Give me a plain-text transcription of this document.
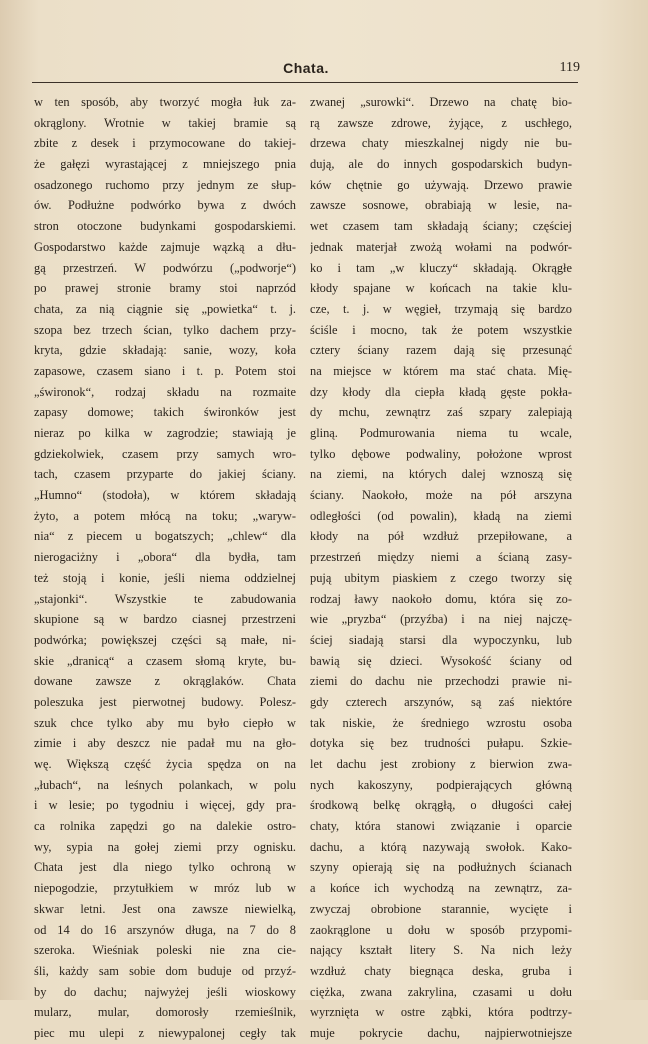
Chata.	119
w ten sposób, aby tworzyć mogła łuk za-
okrąglony. Wrotnie w takiej bramie są
zbite z desek i przymocowane do takiej-
że gałęzi wyrastającej z mniejszego pnia
osadzonego ruchomo przy jednym ze słup-
ów. Podłużne podwórko bywa z dwóch
stron otoczone budynkami gospodarskiemi.
Gospodarstwo każde zajmuje wązką a dłu-
gą przestrzeń. W podwórzu („podworje“)
po prawej stronie bramy stoi naprzód
chata, za nią ciągnie się „powietka“ t. j.
szopa bez trzech ścian, tylko dachem przy-
kryta, gdzie składają: sanie, wozy, koła
zapasowe, czasem siano i t. p. Potem stoi
„świronok“, rodzaj składu na rozmaite
zapasy domowe; takich świronków jest
nieraz po kilka w zagrodzie; stawiają je
gdziekolwiek, czasem przy samych wro-
tach, czasem przyparte do jakiej ściany.
„Humno“ (stodoła), w którem składają
żyto, a potem młócą na toku; „waryw-
nia“ z piecem u bogatszych; „chlew“ dla
nierogaciżny i „obora“ dla bydła, tam
też stoją i konie, jeśli niema oddzielnej
„stajonki“. Wszystkie te zabudowania
skupione są w bardzo ciasnej przestrzeni
podwórka; powiększej części są małe, ni-
skie „dranicą“ a czasem słomą kryte, bu-
dowane zawsze z okrąglaków. Chata
poleszuka jest pierwotnej budowy. Polesz-
szuk chce tylko aby mu było ciepło w
zimie i aby deszcz nie padał mu na gło-
wę. Większą część życia spędza on na
„łubach“, na leśnych polankach, w polu
i w lesie; po tygodniu i więcej, gdy pra-
ca rolnika zapędzi go na dalekie ostro-
wy, sypia na gołej ziemi przy ognisku.
Chata jest dla niego tylko ochroną w
niepogodzie, przytułkiem w mróz lub w
skwar letni. Jest ona zawsze niewielką,
od 14 do 16 arszynów długa, na 7 do 8
szeroka. Wieśniak poleski nie zna cie-
śli, każdy sam sobie dom buduje od przyź-
by do dachu; najwyżej jeśli wioskowy
mularz, mular, domorosły rzemieślnik,
piec mu ulepi z niewypalonej cegły tak
zwanej „surowki“. Drzewo na chatę bio-
rą zawsze zdrowe, żyjące, z uschłego,
drzewa chaty mieszkalnej nigdy nie bu-
dują, ale do innych gospodarskich budyn-
ków chętnie go używają. Drzewo prawie
zawsze sosnowe, obrabiają w lesie, na-
wet czasem tam składają ściany; częściej
jednak materjał zwożą wołami na podwór-
ko i tam „w kluczy“ składają. Okrągłe
kłody spajane w końcach na takie klu-
cze, t. j. w węgieł, trzymają się bardzo
ściśle i mocno, tak że potem wszystkie
cztery ściany razem dają się przesunąć
na miejsce w którem ma stać chata. Mię-
dzy kłody dla ciepła kładą gęste pokła-
dy mchu, zewnątrz zaś szpary zalepiają
gliną. Podmurowania niema tu wcale,
tylko dębowe podwaliny, położone wprost
na ziemi, na których dalej wznoszą się
ściany. Naokoło, może na pół arszyna
odległości (od powalin), kładą na ziemi
kłody na pół wzdłuż przepiłowane, a
przestrzeń między niemi a ścianą zasy-
pują ubitym piaskiem z czego tworzy się
rodzaj ławy naokoło domu, która się zo-
wie „pryzba“ (przyźba) i na niej najczę-
ściej siadają starsi dla wypoczynku, lub
bawią się dzieci. Wysokość ściany od
ziemi do dachu nie przechodzi prawie ni-
gdy czterech arszynów, są zaś niektóre
tak niskie, że średniego wzrostu osoba
dotyka się bez trudności pułapu. Szkie-
let dachu jest zrobiony z bierwion zwa-
nych kakoszyny, podpierających główną
środkową belkę okrągłą, o długości całej
chaty, która stanowi związanie i oparcie
dachu, a którą nazywają swołok. Kako-
szyny opierają się na podłużnych ścianach
a końce ich wychodzą na zewnątrz, za-
zwyczaj obrobione starannie, wycięte i
zaokrąglone u dołu w sposób przypomi-
nający kształt litery S. Na nich leży
wzdłuż chaty biegnąca deska, gruba i
ciężka, zwana zakrylina, czasami u dołu
wyrznięta w ostre ząbki, która podtrzy-
muje pokrycie dachu, najpierwotniejsze
